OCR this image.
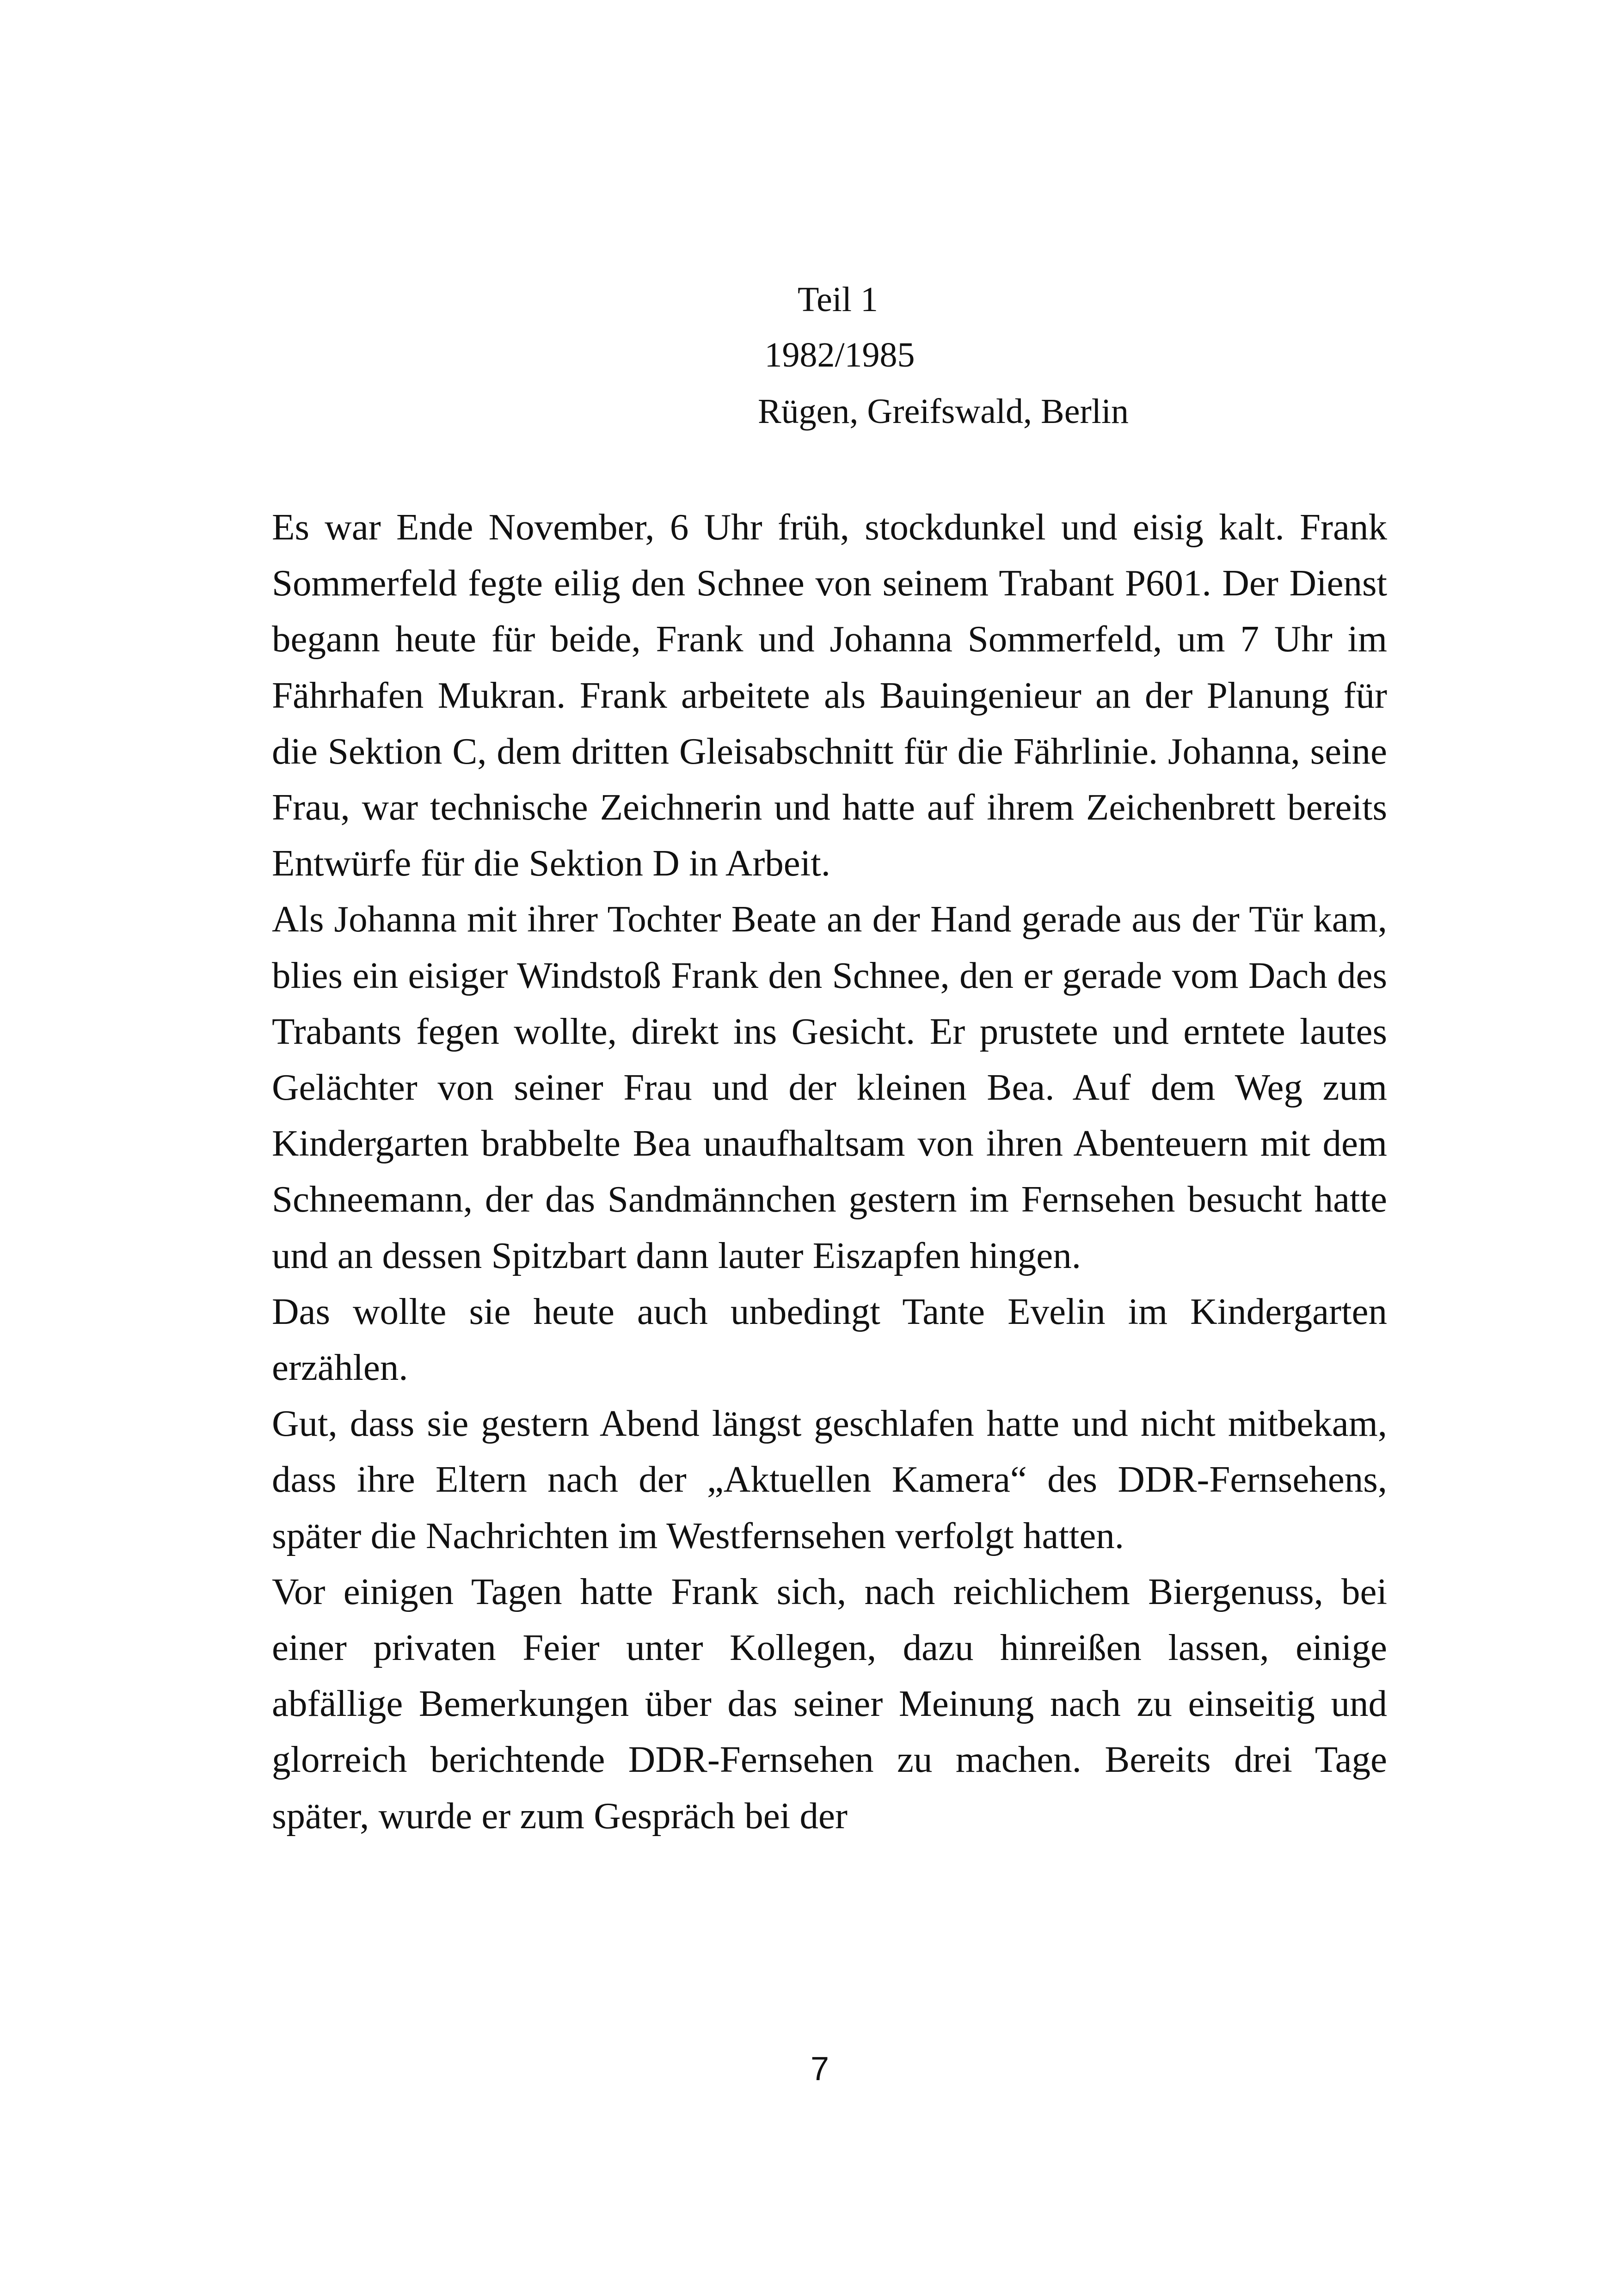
Teil 1
1982/1985
Rügen, Greifswald, Berlin

Es war Ende November, 6 Uhr früh, stockdunkel und eisig kalt. Frank Sommerfeld fegte eilig den Schnee von seinem Trabant P601. Der Dienst begann heute für beide, Frank und Johanna Sommerfeld, um 7 Uhr im Fährhafen Mukran. Frank arbeitete als Bauingenieur an der Planung für die Sektion C, dem dritten Gleisabschnitt für die Fährlinie. Johanna, seine Frau, war technische Zeichnerin und hatte auf ihrem Zeichenbrett bereits Entwürfe für die Sektion D in Arbeit.

Als Johanna mit ihrer Tochter Beate an der Hand gerade aus der Tür kam, blies ein eisiger Windstoß Frank den Schnee, den er gerade vom Dach des Trabants fegen wollte, direkt ins Gesicht. Er prustete und erntete lautes Gelächter von seiner Frau und der kleinen Bea. Auf dem Weg zum Kindergarten brabbelte Bea unaufhaltsam von ihren Abenteuern mit dem Schneemann, der das Sandmännchen gestern im Fernsehen besucht hatte und an dessen Spitzbart dann lauter Eiszapfen hingen.

Das wollte sie heute auch unbedingt Tante Evelin im Kindergarten erzählen.

Gut, dass sie gestern Abend längst geschlafen hatte und nicht mitbekam, dass ihre Eltern nach der „Aktuellen Kamera“ des DDR-Fernsehens, später die Nachrichten im Westfernsehen verfolgt hatten.

Vor einigen Tagen hatte Frank sich, nach reichlichem Biergenuss, bei einer privaten Feier unter Kollegen, dazu hinreißen lassen, einige abfällige Bemerkungen über das seiner Meinung nach zu einseitig und glorreich berichtende DDR-Fernsehen zu machen. Bereits drei Tage später, wurde er zum Gespräch bei der

7
